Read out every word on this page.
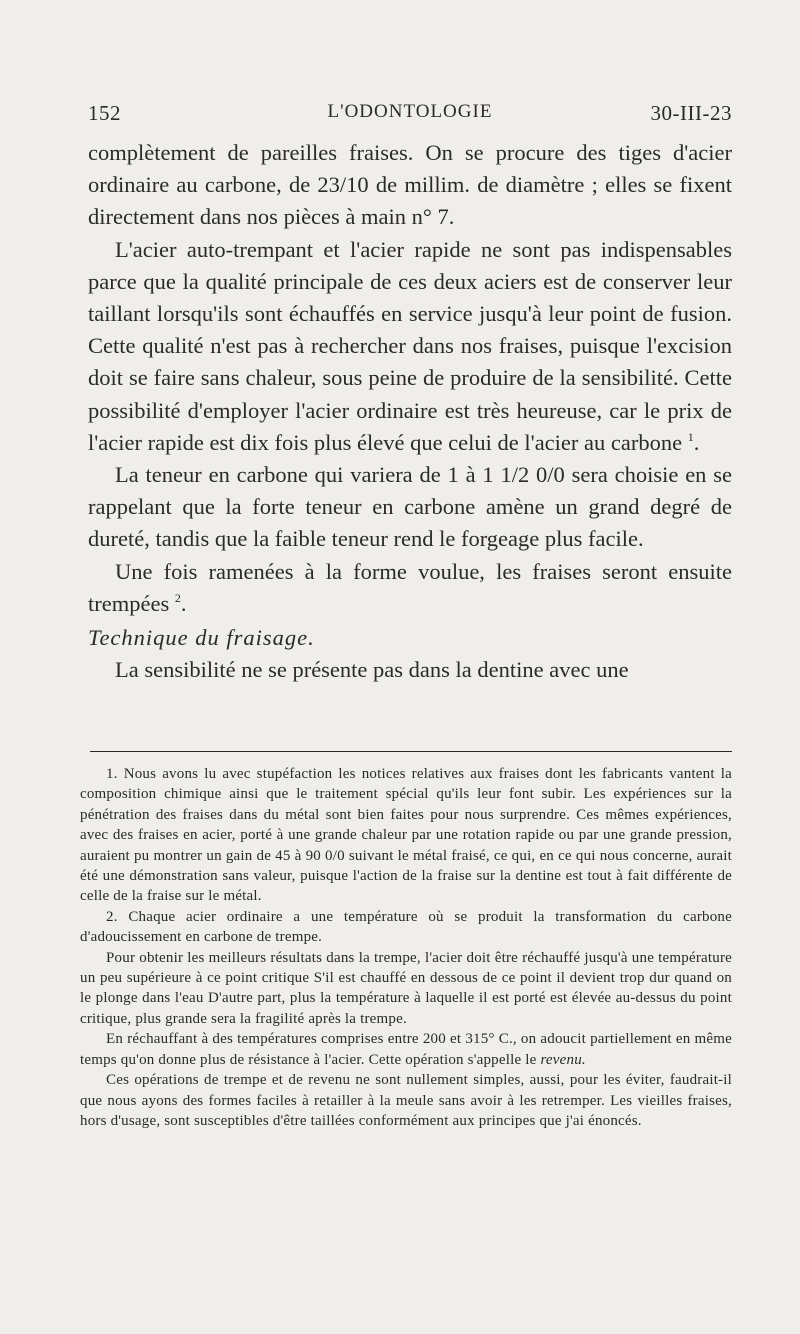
152	L'ODONTOLOGIE	30-III-23

complètement de pareilles fraises. On se procure des tiges d'acier ordinaire au carbone, de 23/10 de millim. de diamètre ; elles se fixent directement dans nos pièces à main n° 7.

L'acier auto-trempant et l'acier rapide ne sont pas indispensables parce que la qualité principale de ces deux aciers est de conserver leur taillant lorsqu'ils sont échauffés en service jusqu'à leur point de fusion. Cette qualité n'est pas à rechercher dans nos fraises, puisque l'excision doit se faire sans chaleur, sous peine de produire de la sensibilité. Cette possibilité d'employer l'acier ordinaire est très heureuse, car le prix de l'acier rapide est dix fois plus élevé que celui de l'acier au carbone $^1$.

La teneur en carbone qui variera de 1 à 1 1/2 0/0 sera choisie en se rappelant que la forte teneur en carbone amène un grand degré de dureté, tandis que la faible teneur rend le forgeage plus facile.

Une fois ramenées à la forme voulue, les fraises seront ensuite trempées $^2$.

Technique du fraisage.

La sensibilité ne se présente pas dans la dentine avec une

1. Nous avons lu avec stupéfaction les notices relatives aux fraises dont les fabricants vantent la composition chimique ainsi que le traitement spécial qu'ils leur font subir. Les expériences sur la pénétration des fraises dans du métal sont bien faites pour nous surprendre. Ces mêmes expériences, avec des fraises en acier, porté à une grande chaleur par une rotation rapide ou par une grande pression, auraient pu montrer un gain de 45 à 90 0/0 suivant le métal fraisé, ce qui, en ce qui nous concerne, aurait été une démonstration sans valeur, puisque l'action de la fraise sur la dentine est tout à fait différente de celle de la fraise sur le métal.

2. Chaque acier ordinaire a une température où se produit la transformation du carbone d'adoucissement en carbone de trempe.

Pour obtenir les meilleurs résultats dans la trempe, l'acier doit être réchauffé jusqu'à une température un peu supérieure à ce point critique S'il est chauffé en dessous de ce point il devient trop dur quand on le plonge dans l'eau D'autre part, plus la température à laquelle il est porté est élevée au-dessus du point critique, plus grande sera la fragilité après la trempe.

En réchauffant à des températures comprises entre 200 et 315° C., on adoucit partiellement en même temps qu'on donne plus de résistance à l'acier. Cette opération s'appelle le revenu.

Ces opérations de trempe et de revenu ne sont nullement simples, aussi, pour les éviter, faudrait-il que nous ayons des formes faciles à retailler à la meule sans avoir à les retremper. Les vieilles fraises, hors d'usage, sont susceptibles d'être taillées conformément aux principes que j'ai énoncés.
